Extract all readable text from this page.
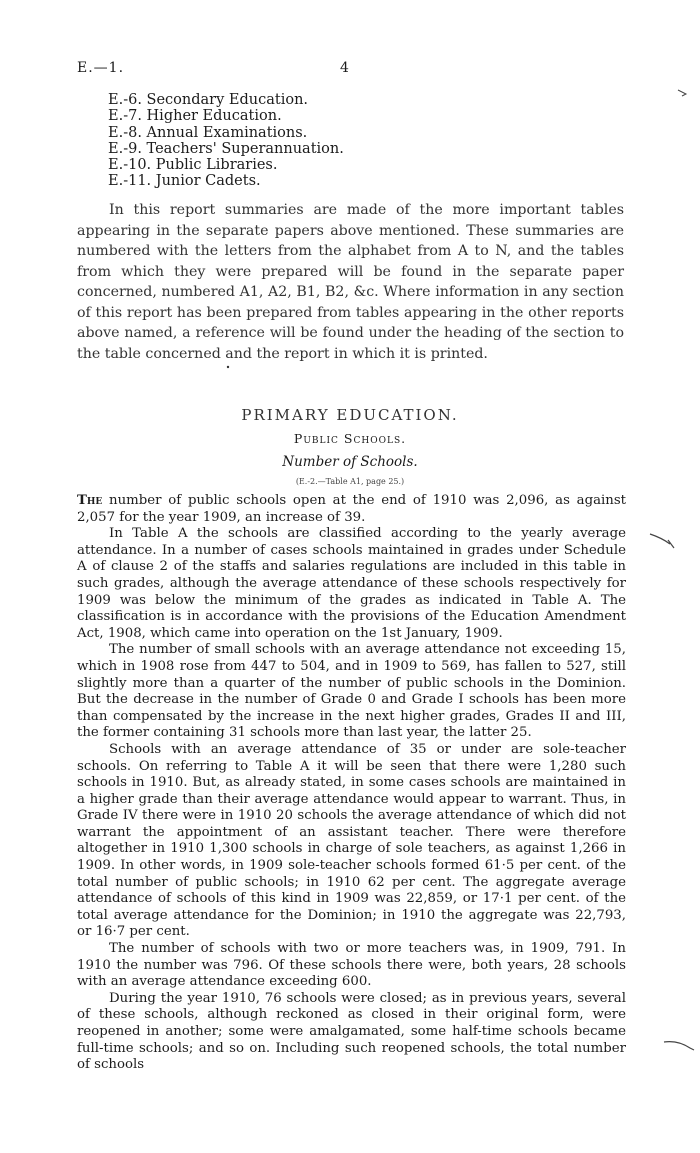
E.—1.	4
E.-6. Secondary Education.
E.-7. Higher Education.
E.-8. Annual Examinations.
E.-9. Teachers' Superannuation.
E.-10. Public Libraries.
E.-11. Junior Cadets.

In this report summaries are made of the more important tables appearing in the separate papers above mentioned. These summaries are numbered with the letters from the alphabet from A to N, and the tables from which they were prepared will be found in the separate paper concerned, numbered A1, A2, B1, B2, &c. Where information in any section of this report has been prepared from tables appearing in the other reports above named, a reference will be found under the heading of the section to the table concerned and the report in which it is printed.

PRIMARY EDUCATION.
Public Schools.
Number of Schools.
(E.-2.—Table A1, page 25.)

The number of public schools open at the end of 1910 was 2,096, as against 2,057 for the year 1909, an increase of 39.

In Table A the schools are classified according to the yearly average attendance. In a number of cases schools maintained in grades under Schedule A of clause 2 of the staffs and salaries regulations are included in this table in such grades, although the average attendance of these schools respectively for 1909 was below the minimum of the grades as indicated in Table A. The classification is in accordance with the provisions of the Education Amendment Act, 1908, which came into operation on the 1st January, 1909.

The number of small schools with an average attendance not exceeding 15, which in 1908 rose from 447 to 504, and in 1909 to 569, has fallen to 527, still slightly more than a quarter of the number of public schools in the Dominion. But the decrease in the number of Grade 0 and Grade I schools has been more than compensated by the increase in the next higher grades, Grades II and III, the former containing 31 schools more than last year, the latter 25.

Schools with an average attendance of 35 or under are sole-teacher schools. On referring to Table A it will be seen that there were 1,280 such schools in 1910. But, as already stated, in some cases schools are maintained in a higher grade than their average attendance would appear to warrant. Thus, in Grade IV there were in 1910 20 schools the average attendance of which did not warrant the appointment of an assistant teacher. There were therefore altogether in 1910 1,300 schools in charge of sole teachers, as against 1,266 in 1909. In other words, in 1909 sole-teacher schools formed 61·5 per cent. of the total number of public schools; in 1910 62 per cent. The aggregate average attendance of schools of this kind in 1909 was 22,859, or 17·1 per cent. of the total average attendance for the Dominion; in 1910 the aggregate was 22,793, or 16·7 per cent.

The number of schools with two or more teachers was, in 1909, 791. In 1910 the number was 796. Of these schools there were, both years, 28 schools with an average attendance exceeding 600.

During the year 1910, 76 schools were closed; as in previous years, several of these schools, although reckoned as closed in their original form, were reopened in another; some were amalgamated, some half-time schools became full-time schools; and so on. Including such reopened schools, the total number of schools
